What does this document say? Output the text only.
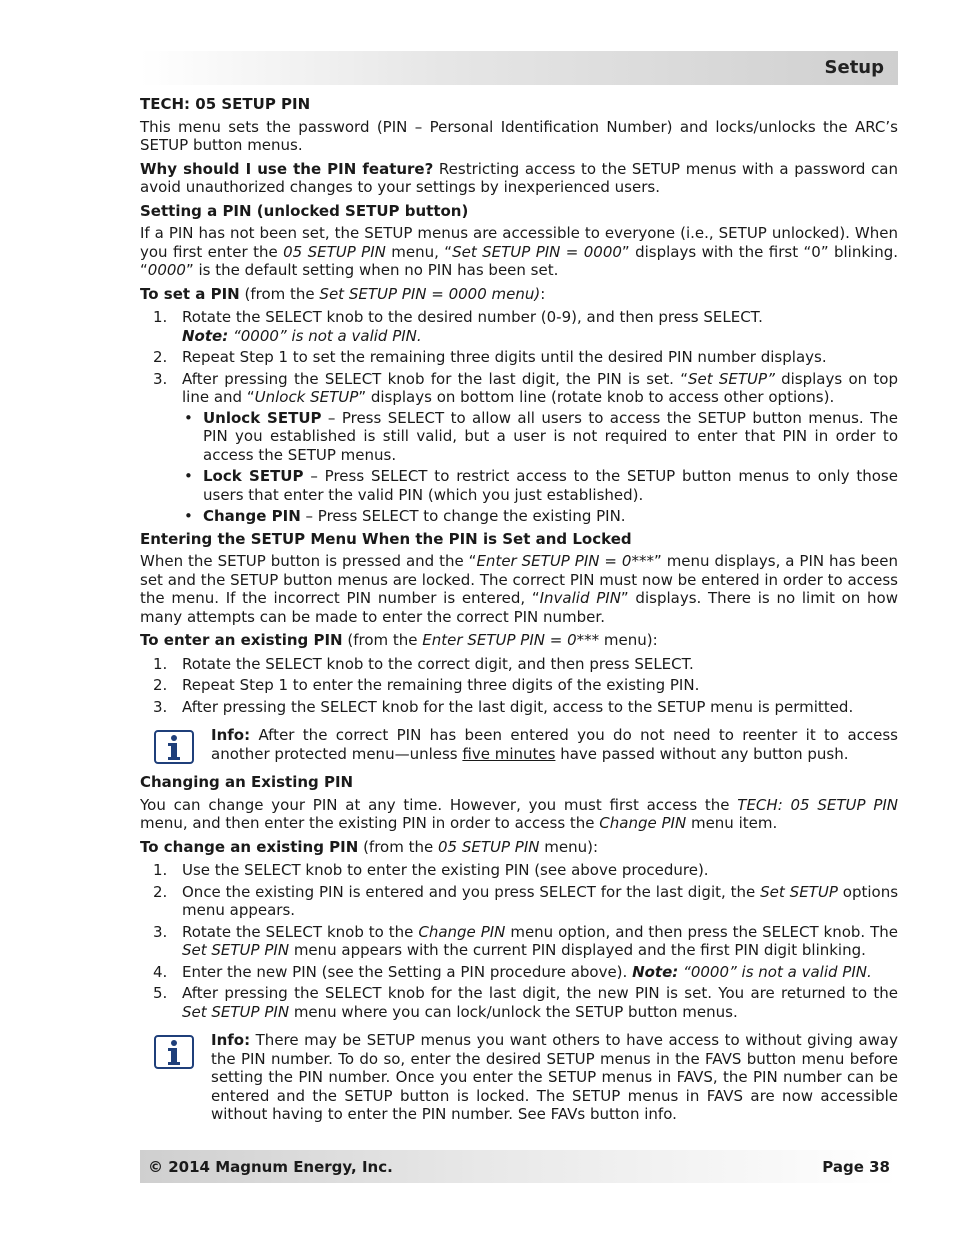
Setup
TECH: 05 SETUP PIN

This menu sets the password (PIN – Personal Identification Number) and locks/unlocks the ARC’s SETUP button menus.

Why should I use the PIN feature? Restricting access to the SETUP menus with a password can avoid unauthorized changes to your settings by inexperienced users.

Setting a PIN (unlocked SETUP button)

If a PIN has not been set, the SETUP menus are accessible to everyone (i.e., SETUP unlocked). When you first enter the 05 SETUP PIN menu, “Set SETUP PIN = 0000” displays with the first “0” blinking. “0000” is the default setting when no PIN has been set.

To set a PIN (from the Set SETUP PIN = 0000 menu):

1. Rotate the SELECT knob to the desired number (0-9), and then press SELECT.
Note: “0000” is not a valid PIN.
2. Repeat Step 1 to set the remaining three digits until the desired PIN number displays.
3. After pressing the SELECT knob for the last digit, the PIN is set. “Set SETUP” displays on top line and “Unlock SETUP” displays on bottom line (rotate knob to access other options).
• Unlock SETUP – Press SELECT to allow all users to access the SETUP button menus. The PIN you established is still valid, but a user is not required to enter that PIN in order to access the SETUP menus.
• Lock SETUP – Press SELECT to restrict access to the SETUP button menus to only those users that enter the valid PIN (which you just established).
• Change PIN – Press SELECT to change the existing PIN.
Entering the SETUP Menu When the PIN is Set and Locked

When the SETUP button is pressed and the “Enter SETUP PIN = 0***” menu displays, a PIN has been set and the SETUP button menus are locked. The correct PIN must now be entered in order to access the menu. If the incorrect PIN number is entered, “Invalid PIN” displays. There is no limit on how many attempts can be made to enter the correct PIN number.

To enter an existing PIN (from the Enter SETUP PIN = 0*** menu):

1. Rotate the SELECT knob to the correct digit, and then press SELECT.
2. Repeat Step 1 to enter the remaining three digits of the existing PIN.
3. After pressing the SELECT knob for the last digit, access to the SETUP menu is permitted.
Info: After the correct PIN has been entered you do not need to reenter it to access another protected menu—unless five minutes have passed without any button push.
Changing an Existing PIN

You can change your PIN at any time. However, you must first access the TECH: 05 SETUP PIN menu, and then enter the existing PIN in order to access the Change PIN menu item.

To change an existing PIN (from the 05 SETUP PIN menu):

1. Use the SELECT knob to enter the existing PIN (see above procedure).
2. Once the existing PIN is entered and you press SELECT for the last digit, the Set SETUP options menu appears.
3. Rotate the SELECT knob to the Change PIN menu option, and then press the SELECT knob. The Set SETUP PIN menu appears with the current PIN displayed and the first PIN digit blinking.
4. Enter the new PIN (see the Setting a PIN procedure above). Note: “0000” is not a valid PIN.
5. After pressing the SELECT knob for the last digit, the new PIN is set. You are returned to the Set SETUP PIN menu where you can lock/unlock the SETUP button menus.
Info: There may be SETUP menus you want others to have access to without giving away the PIN number. To do so, enter the desired SETUP menus in the FAVS button menu before setting the PIN number. Once you enter the SETUP menus in FAVS, the PIN number can be entered and the SETUP button is locked. The SETUP menus in FAVS are now accessible without having to enter the PIN number. See FAVs button info.
© 2014 Magnum Energy, Inc.	Page 38
